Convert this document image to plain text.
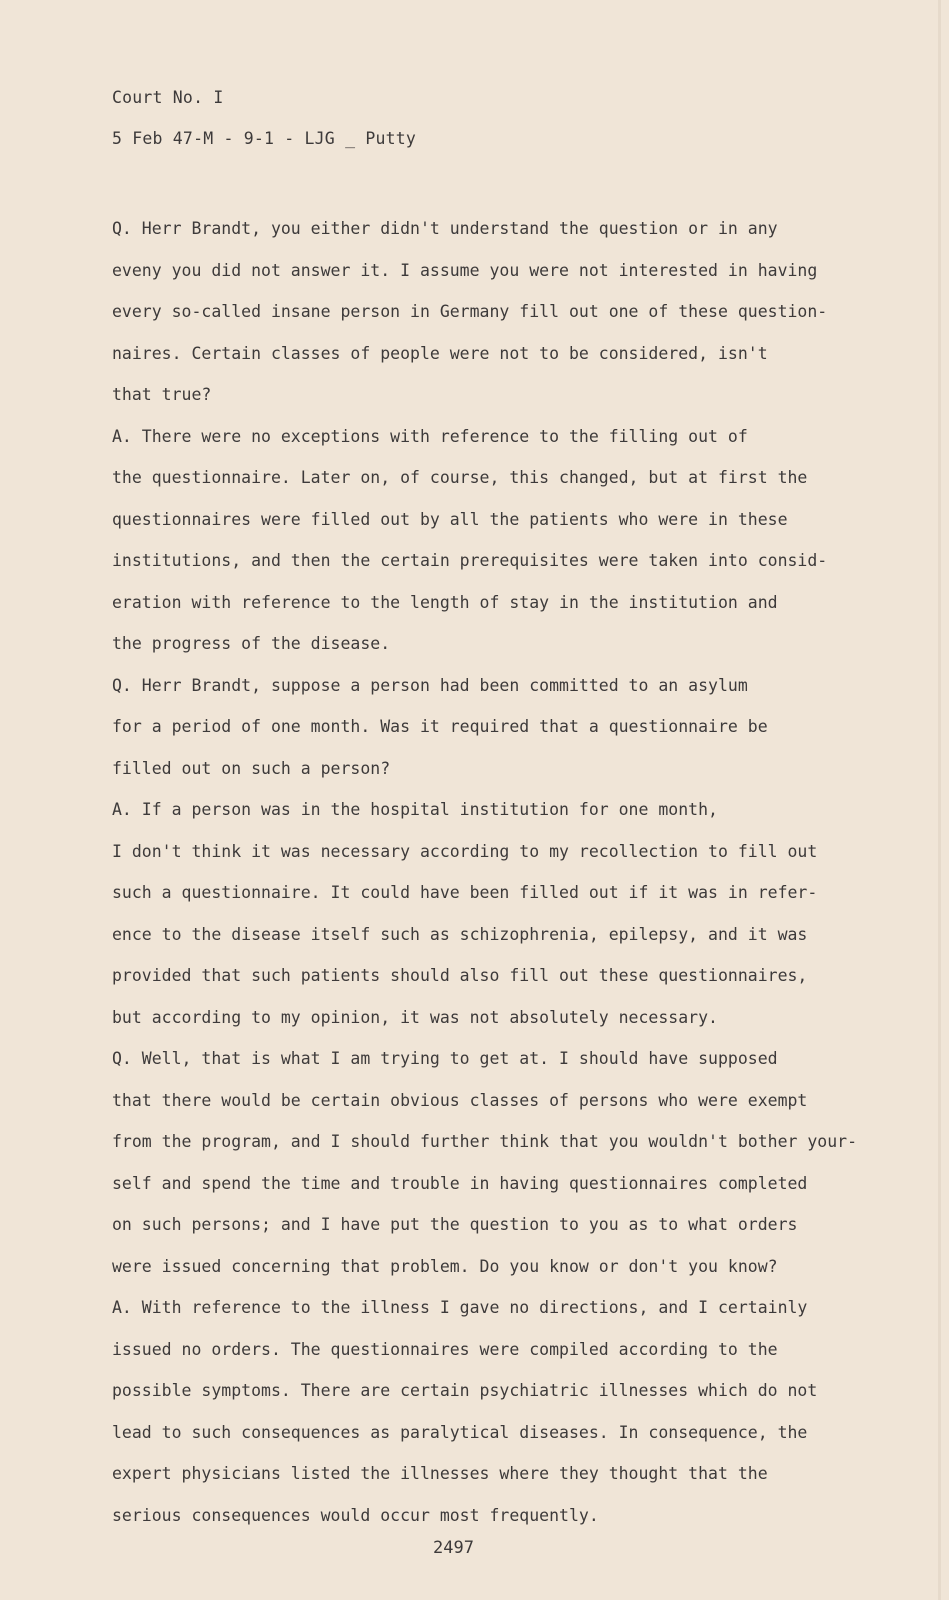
Court No. I
5 Feb 47-M - 9-1 - LJG _ Putty
Q. Herr Brandt, you either didn't understand the question or in any
eveny you did not answer it. I assume you were not interested in having
every so-called insane person in Germany fill out one of these question-
naires. Certain classes of people were not to be considered, isn't
that true?
A. There were no exceptions with reference to the filling out of
the questionnaire. Later on, of course, this changed, but at first the
questionnaires were filled out by all the patients who were in these
institutions, and then the certain prerequisites were taken into consid-
eration with reference to the length of stay in the institution and
the progress of the disease.
Q. Herr Brandt, suppose a person had been committed to an asylum
for a period of one month. Was it required that a questionnaire be
filled out on such a person?
A. If a person was in the hospital institution for one month,
I don't think it was necessary according to my recollection to fill out
such a questionnaire. It could have been filled out if it was in refer-
ence to the disease itself such as schizophrenia, epilepsy, and it was
provided that such patients should also fill out these questionnaires,
but according to my opinion, it was not absolutely necessary.
Q. Well, that is what I am trying to get at. I should have supposed
that there would be certain obvious classes of persons who were exempt
from the program, and I should further think that you wouldn't bother your-
self and spend the time and trouble in having questionnaires completed
on such persons; and I have put the question to you as to what orders
were issued concerning that problem. Do you know or don't you know?
A. With reference to the illness I gave no directions, and I certainly
issued no orders. The questionnaires were compiled according to the
possible symptoms. There are certain psychiatric illnesses which do not
lead to such consequences as paralytical diseases. In consequence, the
expert physicians listed the illnesses where they thought that the
serious consequences would occur most frequently.
2497
